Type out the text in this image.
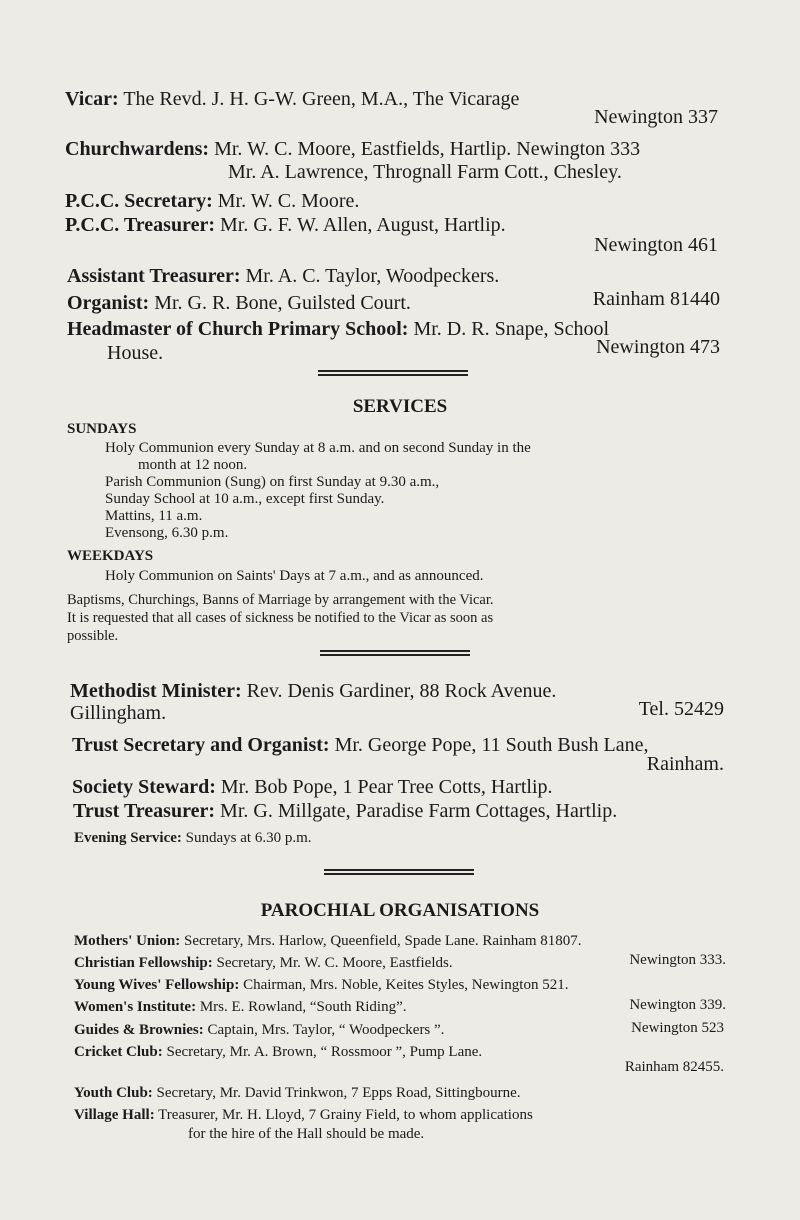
Vicar: The Revd. J. H. G-W. Green, M.A., The Vicarage
Newington 337
Churchwardens: Mr. W. C. Moore, Eastfields, Hartlip. Newington 333
Mr. A. Lawrence, Thrognall Farm Cott., Chesley.
P.C.C. Secretary: Mr. W. C. Moore.
P.C.C. Treasurer: Mr. G. F. W. Allen, August, Hartlip.
Newington 461
Assistant Treasurer: Mr. A. C. Taylor, Woodpeckers.
Organist: Mr. G. R. Bone, Guilsted Court.	Rainham 81440
Headmaster of Church Primary School: Mr. D. R. Snape, School
House.	Newington 473
SERVICES
SUNDAYS
Holy Communion every Sunday at 8 a.m. and on second Sunday in the
month at 12 noon.
Parish Communion (Sung) on first Sunday at 9.30 a.m.,
Sunday School at 10 a.m., except first Sunday.
Mattins, 11 a.m.
Evensong, 6.30 p.m.
WEEKDAYS
Holy Communion on Saints' Days at 7 a.m., and as announced.
Baptisms, Churchings, Banns of Marriage by arrangement with the Vicar.
It is requested that all cases of sickness be notified to the Vicar as soon as
possible.
Methodist Minister: Rev. Denis Gardiner, 88 Rock Avenue.
Gillingham.	Tel. 52429
Trust Secretary and Organist: Mr. George Pope, 11 South Bush Lane,
Rainham.
Society Steward: Mr. Bob Pope, 1 Pear Tree Cotts, Hartlip.
Trust Treasurer: Mr. G. Millgate, Paradise Farm Cottages, Hartlip.
Evening Service: Sundays at 6.30 p.m.
PAROCHIAL ORGANISATIONS
Mothers' Union: Secretary, Mrs. Harlow, Queenfield, Spade Lane. Rainham 81807.
Christian Fellowship: Secretary, Mr. W. C. Moore, Eastfields.	Newington 333.
Young Wives' Fellowship: Chairman, Mrs. Noble, Keites Styles, Newington 521.
Women's Institute: Mrs. E. Rowland, “South Riding”.	Newington 339.
Guides & Brownies: Captain, Mrs. Taylor, “ Woodpeckers ”.	Newington 523
Cricket Club: Secretary, Mr. A. Brown, “ Rossmoor ”, Pump Lane.
Rainham 82455.
Youth Club: Secretary, Mr. David Trinkwon, 7 Epps Road, Sittingbourne.
Village Hall: Treasurer, Mr. H. Lloyd, 7 Grainy Field, to whom applications
for the hire of the Hall should be made.
